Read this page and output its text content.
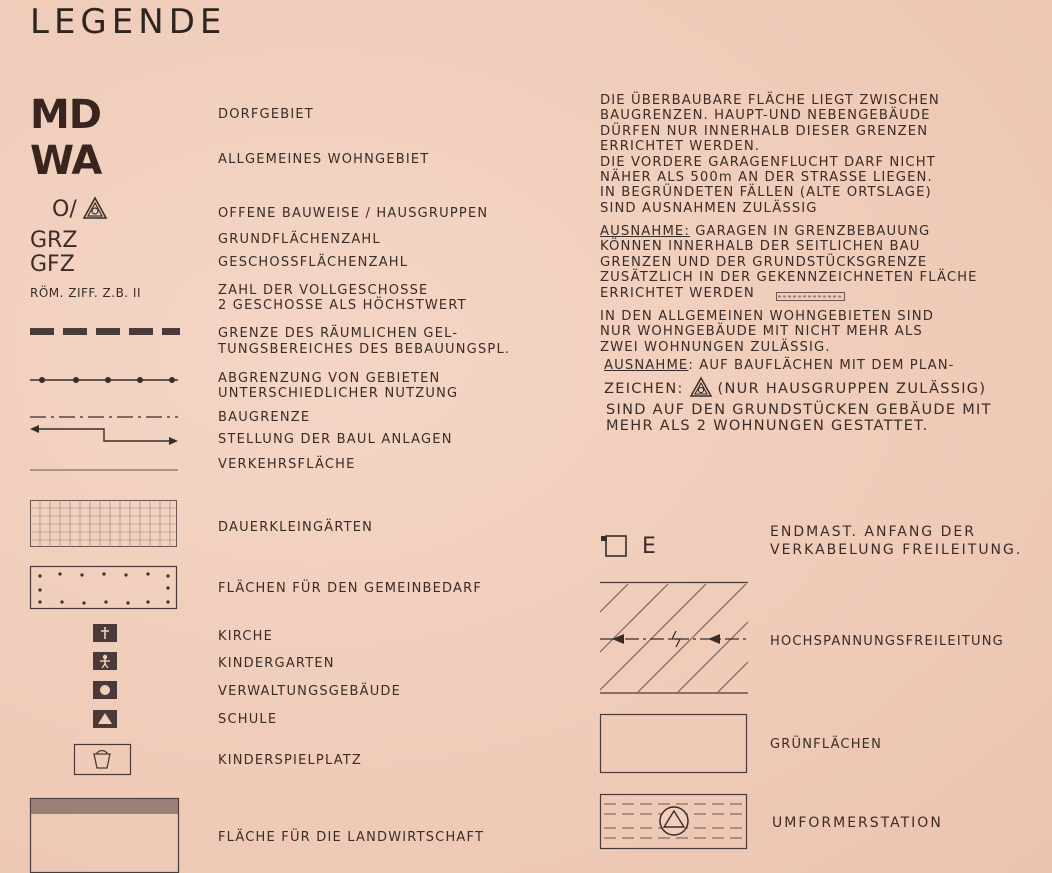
LEGENDE
MD
WA
O/
GRZ
GFZ
RÖM. ZIFF. Z.B. II
DORFGEBIET
ALLGEMEINES WOHNGEBIET
OFFENE BAUWEISE / HAUSGRUPPEN
GRUNDFLÄCHENZAHL
GESCHOSSFLÄCHENZAHL
ZAHL DER VOLLGESCHOSSE
2 GESCHOSSE ALS HÖCHSTWERT
GRENZE DES RÄUMLICHEN GEL-
TUNGSBEREICHES DES BEBAUUNGSPL.
ABGRENZUNG VON GEBIETEN
UNTERSCHIEDLICHER NUTZUNG
BAUGRENZE
STELLUNG DER BAUL ANLAGEN
VERKEHRSFLÄCHE
DAUERKLEINGÄRTEN
FLÄCHEN FÜR DEN GEMEINBEDARF
KIRCHE
KINDERGARTEN
VERWALTUNGSGEBÄUDE
SCHULE
KINDERSPIELPLATZ
FLÄCHE FÜR DIE LANDWIRTSCHAFT
DIE ÜBERBAUBARE FLÄCHE LIEGT ZWISCHEN
BAUGRENZEN. HAUPT-UND NEBENGEBÄUDE
DÜRFEN NUR INNERHALB DIESER GRENZEN
ERRICHTET WERDEN.
DIE VORDERE GARAGENFLUCHT DARF NICHT
NÄHER ALS 500m AN DER STRASSE LIEGEN.
IN BEGRÜNDETEN FÄLLEN (ALTE ORTSLAGE)
SIND AUSNAHMEN ZULÄSSIG
AUSNAHME: GARAGEN IN GRENZBEBAUUNG
KÖNNEN INNERHALB DER SEITLICHEN BAU
GRENZEN UND DER GRUNDSTÜCKSGRENZE
ZUSÄTZLICH IN DER GEKENNZEICHNETEN FLÄCHE
ERRICHTET WERDEN
IN DEN ALLGEMEINEN WOHNGEBIETEN SIND
NUR WOHNGEBÄUDE MIT NICHT MEHR ALS
ZWEI WOHNUNGEN ZULÄSSIG.
AUSNAHME: AUF BAUFLÄCHEN MIT DEM PLAN-
ZEICHEN: (NUR HAUSGRUPPEN ZULÄSSIG)
SIND AUF DEN GRUNDSTÜCKEN GEBÄUDE MIT
MEHR ALS 2 WOHNUNGEN GESTATTET.
E
ENDMAST. ANFANG DER
VERKABELUNG FREILEITUNG.
HOCHSPANNUNGSFREILEITUNG
GRÜNFLÄCHEN
UMFORMERSTATION
